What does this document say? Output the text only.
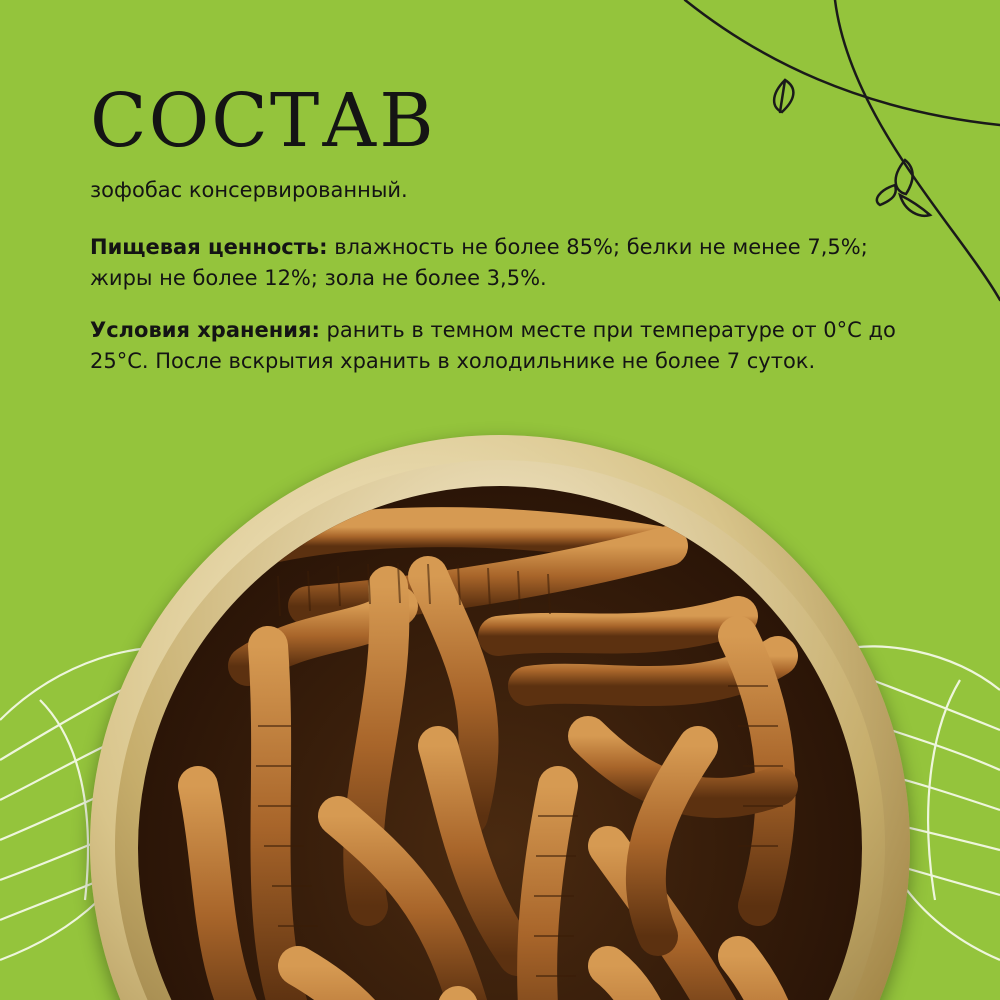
СОСТАВ

зофобас консервированный.

Пищевая ценность: влажность не более 85%; белки не менее 7,5%; жиры не более 12%; зола не более 3,5%.

Условия хранения: ранить в темном месте при температуре от 0°С до 25°С. После вскрытия хранить в холодильнике не более 7 суток.
